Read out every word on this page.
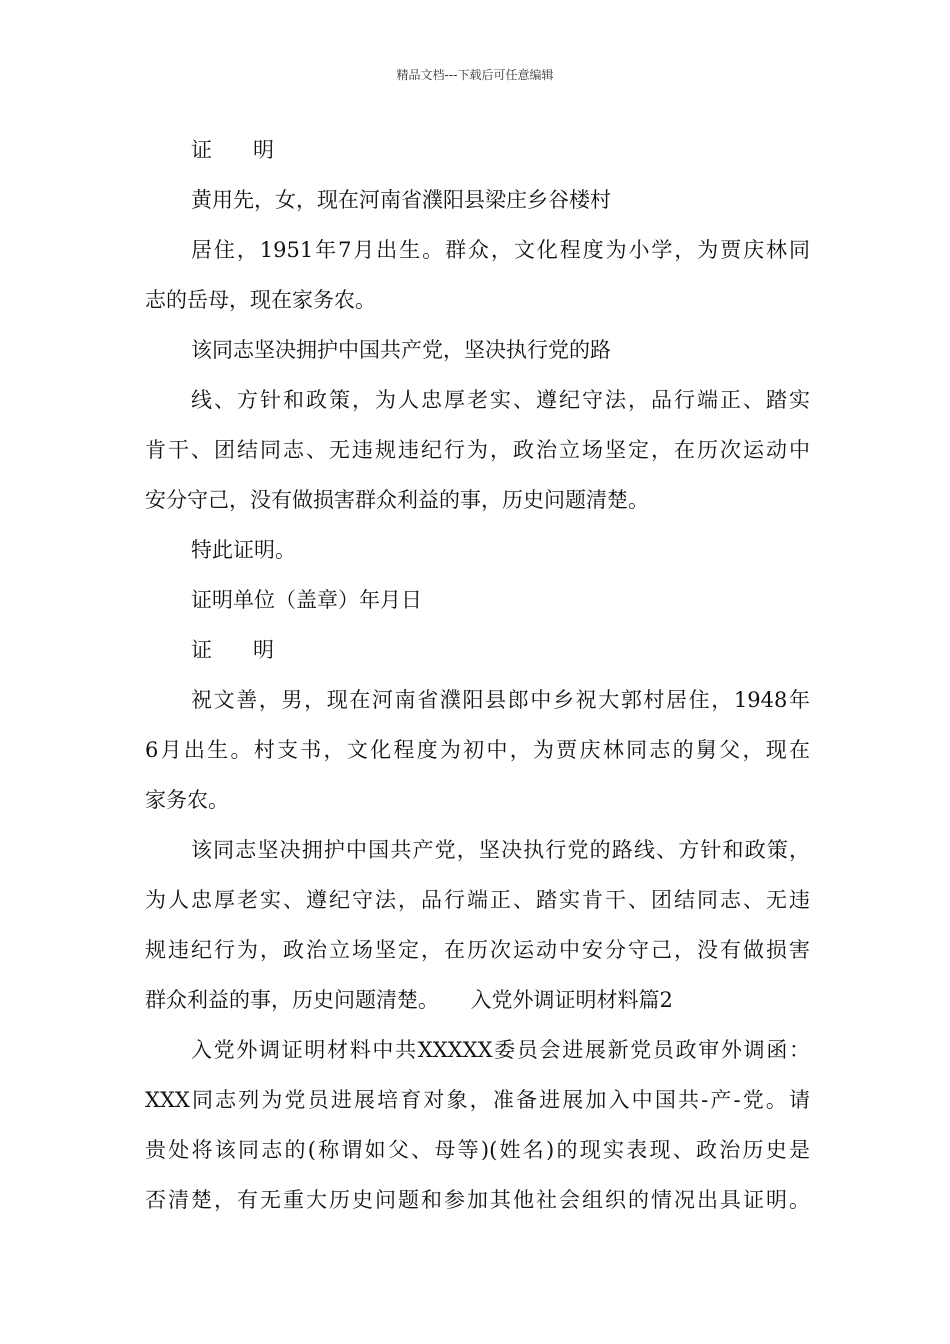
精品文档---下载后可任意编辑
证　明
黄用先，女，现在河南省濮阳县梁庄乡谷楼村
居住，1951年7月出生。群众，文化程度为小学，为贾庆林同
志的岳母，现在家务农。
该同志坚决拥护中国共产党，坚决执行党的路
线、方针和政策，为人忠厚老实、遵纪守法，品行端正、踏实
肯干、团结同志、无违规违纪行为，政治立场坚定，在历次运动中
安分守己，没有做损害群众利益的事，历史问题清楚。
特此证明。
证明单位（盖章）年月日
证　明
祝文善，男，现在河南省濮阳县郎中乡祝大郭村居住，1948年
6月出生。村支书，文化程度为初中，为贾庆林同志的舅父，现在
家务农。
该同志坚决拥护中国共产党，坚决执行党的路线、方针和政策，
为人忠厚老实、遵纪守法，品行端正、踏实肯干、团结同志、无违
规违纪行为，政治立场坚定，在历次运动中安分守己，没有做损害
群众利益的事，历史问题清楚。　　入党外调证明材料篇2
入党外调证明材料中共XXXXX委员会进展新党员政审外调函：
XXX同志列为党员进展培育对象，准备进展加入中国共-产-党。请
贵处将该同志的(称谓如父、母等)(姓名)的现实表现、政治历史是
否清楚，有无重大历史问题和参加其他社会组织的情况出具证明。
